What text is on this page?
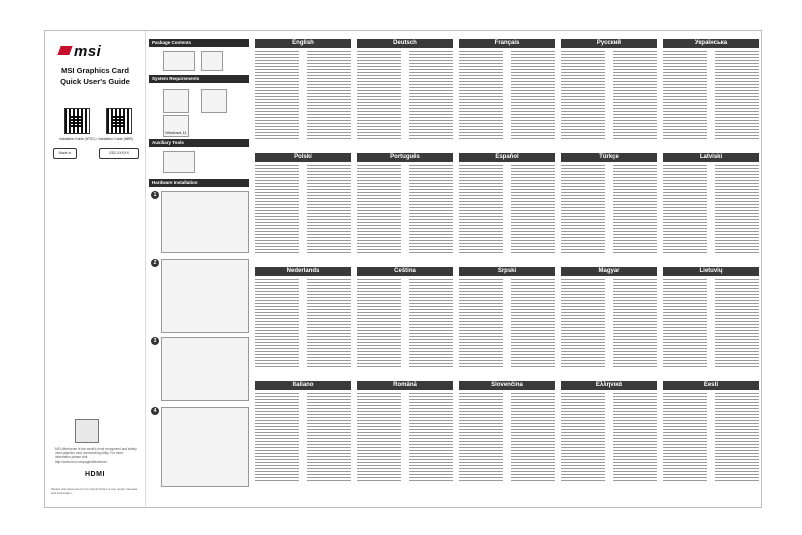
msi
MSI Graphics Card
Quick User's Guide
Installation Guide (NTSC) / Installation Guide (MBR)
Made in	G52-XXXXX
MSI Afterburner is the world's most recognized and widely used graphics card overclocking utility. For more information please visit http://www.msi.com/page/afterburner
HDMI
Please visit www.msi.com to check if there is any newer manuals and information.
Package Contents
System Requirements
Windows 11
Auxiliary Tools
Hardware Installation
1
2
3
4
English	Deutsch	Français	Русский	Українська
Polski	Português	Español	Türkçe	Latviski
Nederlands	Čeština	Srpski	Magyar	Lietuvių
Italiano	Română	Slovenčina	Ελληνικά	Eesti
